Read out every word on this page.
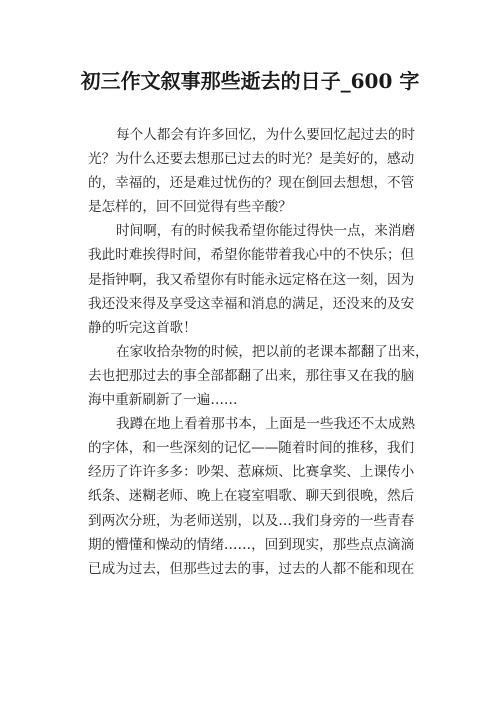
初三作文叙事那些逝去的日子_600 字
每个人都会有许多回忆，为什么要回忆起过去的时
光？为什么还要去想那已过去的时光？是美好的，感动
的，幸福的，还是难过忧伤的？现在倒回去想想，不管
是怎样的，回不回觉得有些辛酸？
时间啊，有的时候我希望你能过得快一点，来消磨
我此时难挨得时间，希望你能带着我心中的不快乐；但
是指钟啊，我又希望你有时能永远定格在这一刻，因为
我还没来得及享受这幸福和消息的满足，还没来的及安
静的听完这首歌！
在家收拾杂物的时候，把以前的老课本都翻了出来，
去也把那过去的事全部都翻了出来，那往事又在我的脑
海中重新刷新了一遍……
我蹲在地上看着那书本，上面是一些我还不太成熟
的字体，和一些深刻的记忆——随着时间的推移，我们
经历了许许多多：吵架、惹麻烦、比赛拿奖、上课传小
纸条、迷糊老师、晚上在寝室唱歌、聊天到很晚，然后
到两次分班，为老师送别，以及…我们身旁的一些青春
期的懵懂和懆动的情绪……，回到现实，那些点点滴滴
已成为过去，但那些过去的事，过去的人都不能和现在
